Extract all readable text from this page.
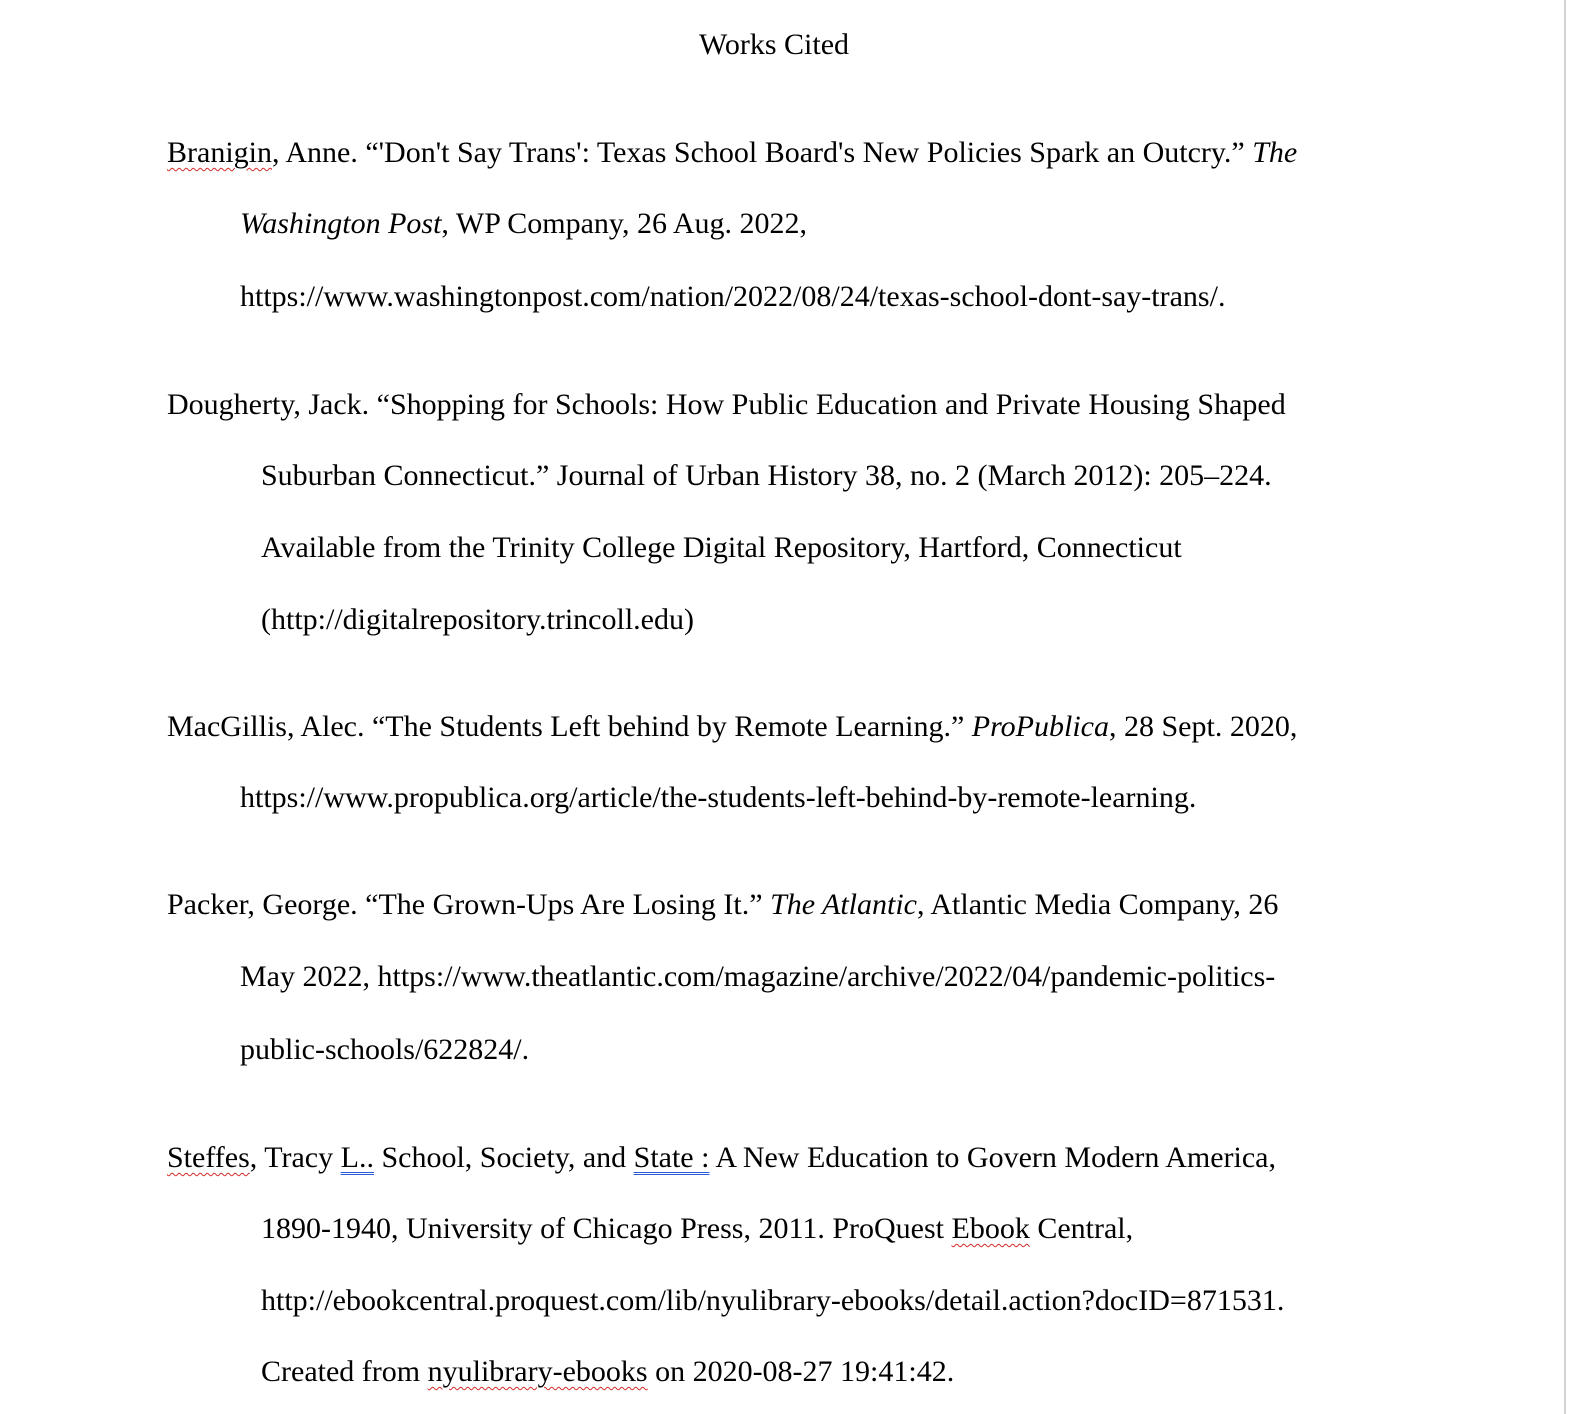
Works Cited
Branigin, Anne. “'Don't Say Trans': Texas School Board's New Policies Spark an Outcry.” The
Washington Post, WP Company, 26 Aug. 2022,
https://www.washingtonpost.com/nation/2022/08/24/texas-school-dont-say-trans/.
Dougherty, Jack. “Shopping for Schools: How Public Education and Private Housing Shaped
Suburban Connecticut.” Journal of Urban History 38, no. 2 (March 2012): 205–224.
Available from the Trinity College Digital Repository, Hartford, Connecticut
(http://digitalrepository.trincoll.edu)
MacGillis, Alec. “The Students Left behind by Remote Learning.” ProPublica, 28 Sept. 2020,
https://www.propublica.org/article/the-students-left-behind-by-remote-learning.
Packer, George. “The Grown-Ups Are Losing It.” The Atlantic, Atlantic Media Company, 26
May 2022, https://www.theatlantic.com/magazine/archive/2022/04/pandemic-politics-
public-schools/622824/.
Steffes, Tracy L.. School, Society, and State : A New Education to Govern Modern America,
1890-1940, University of Chicago Press, 2011. ProQuest Ebook Central,
http://ebookcentral.proquest.com/lib/nyulibrary-ebooks/detail.action?docID=871531.
Created from nyulibrary-ebooks on 2020-08-27 19:41:42.
